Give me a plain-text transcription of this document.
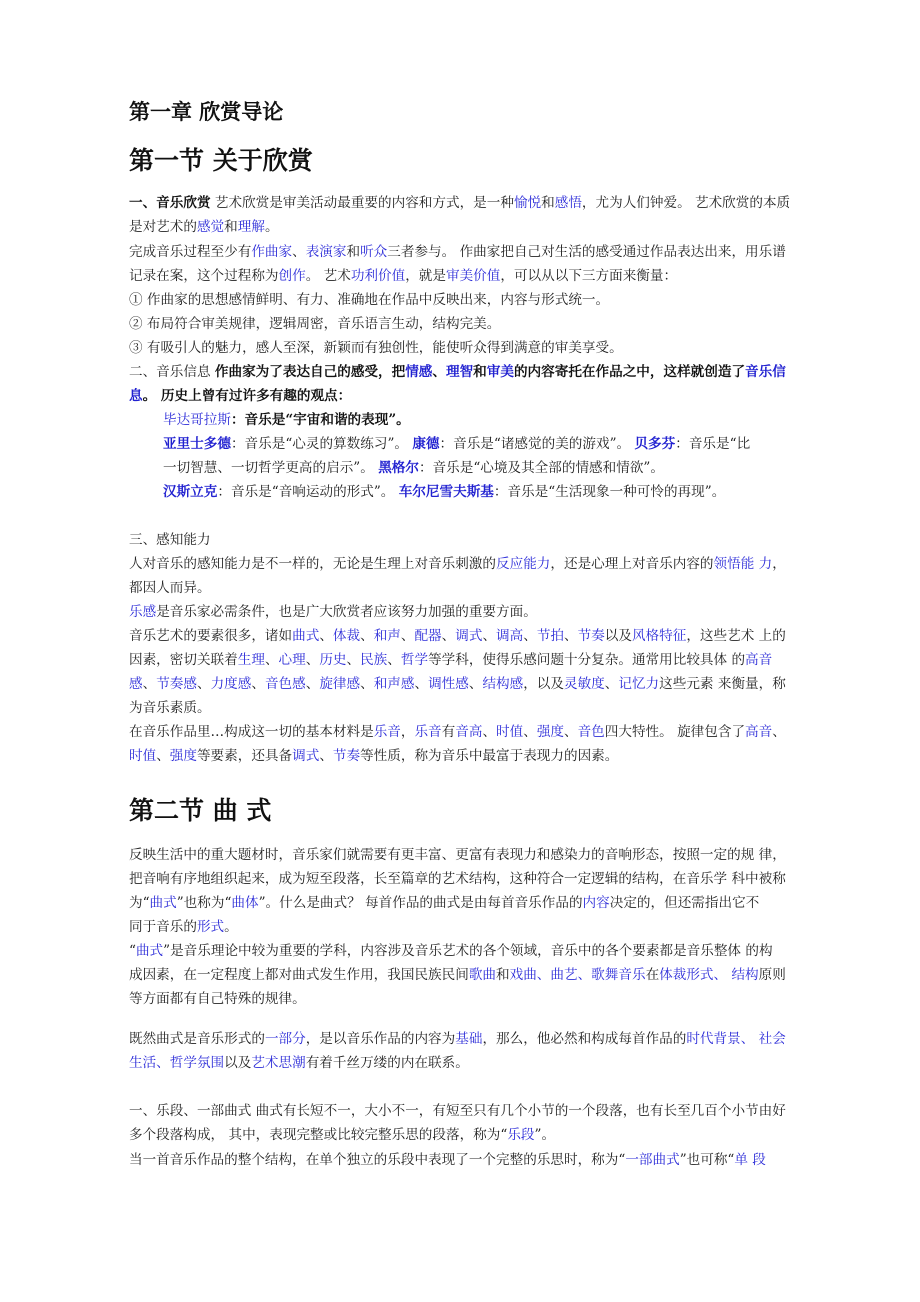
第一章 欣赏导论
第一节 关于欣赏
第二节 曲 式
一、音乐欣赏 艺术欣赏是审美活动最重要的内容和方式，是一种愉悦和感悟，尤为人们钟爱。 艺术欣赏的本质
是对艺术的感觉和理解。
完成音乐过程至少有作曲家、表演家和听众三者参与。 作曲家把自己对生活的感受通过作品表达出来，用乐谱
记录在案，这个过程称为创作。 艺术功利价值，就是审美价值，可以从以下三方面来衡量：
① 作曲家的思想感情鲜明、有力、准确地在作品中反映出来，内容与形式统一。
② 布局符合审美规律，逻辑周密，音乐语言生动，结构完美。
③ 有吸引人的魅力，感人至深，新颖而有独创性，能使听众得到满意的审美享受。
二、音乐信息 作曲家为了表达自己的感受，把情感、理智和审美的内容寄托在作品之中，这样就创造了音乐信
息。 历史上曾有过许多有趣的观点：
毕达哥拉斯：音乐是“宇宙和谐的表现”。
亚里士多德：音乐是“心灵的算数练习”。 康德：音乐是“诸感觉的美的游戏”。 贝多芬：音乐是“比
一切智慧、一切哲学更高的启示”。 黑格尔：音乐是“心境及其全部的情感和情欲”。
汉斯立克：音乐是“音响运动的形式”。 车尔尼雪夫斯基：音乐是“生活现象一种可怜的再现”。
三、感知能力
人对音乐的感知能力是不一样的，无论是生理上对音乐刺激的反应能力，还是心理上对音乐内容的领悟能 力，
都因人而异。
乐感是音乐家必需条件，也是广大欣赏者应该努力加强的重要方面。
音乐艺术的要素很多，诸如曲式、体裁、和声、配器、调式、调高、节拍、节奏以及风格特征，这些艺术 上的
因素，密切关联着生理、心理、历史、民族、哲学等学科，使得乐感问题十分复杂。通常用比较具体 的高音
感、节奏感、力度感、音色感、旋律感、和声感、调性感、结构感，以及灵敏度、记忆力这些元素 来衡量，称
为音乐素质。
在音乐作品里…构成这一切的基本材料是乐音，乐音有音高、时值、强度、音色四大特性。 旋律包含了高音、
时值、强度等要素，还具备调式、节奏等性质，称为音乐中最富于表现力的因素。
反映生活中的重大题材时，音乐家们就需要有更丰富、更富有表现力和感染力的音响形态，按照一定的规 律，
把音响有序地组织起来，成为短至段落，长至篇章的艺术结构，这种符合一定逻辑的结构，在音乐学 科中被称
为“曲式”也称为“曲体”。什么是曲式？ 每首作品的曲式是由每首音乐作品的内容决定的，但还需指出它不
同于音乐的形式。
“曲式”是音乐理论中较为重要的学科，内容涉及音乐艺术的各个领域，音乐中的各个要素都是音乐整体 的构
成因素，在一定程度上都对曲式发生作用，我国民族民间歌曲和戏曲、曲艺、歌舞音乐在体裁形式、 结构原则
等方面都有自己特殊的规律。
既然曲式是音乐形式的一部分，是以音乐作品的内容为基础，那么，他必然和构成每首作品的时代背景、 社会
生活、哲学氛围以及艺术思潮有着千丝万缕的内在联系。
一、乐段、一部曲式 曲式有长短不一，大小不一，有短至只有几个小节的一个段落，也有长至几百个小节由好
多个段落构成， 其中，表现完整或比较完整乐思的段落，称为“乐段”。
当一首音乐作品的整个结构，在单个独立的乐段中表现了一个完整的乐思时，称为“一部曲式”也可称“单 段
